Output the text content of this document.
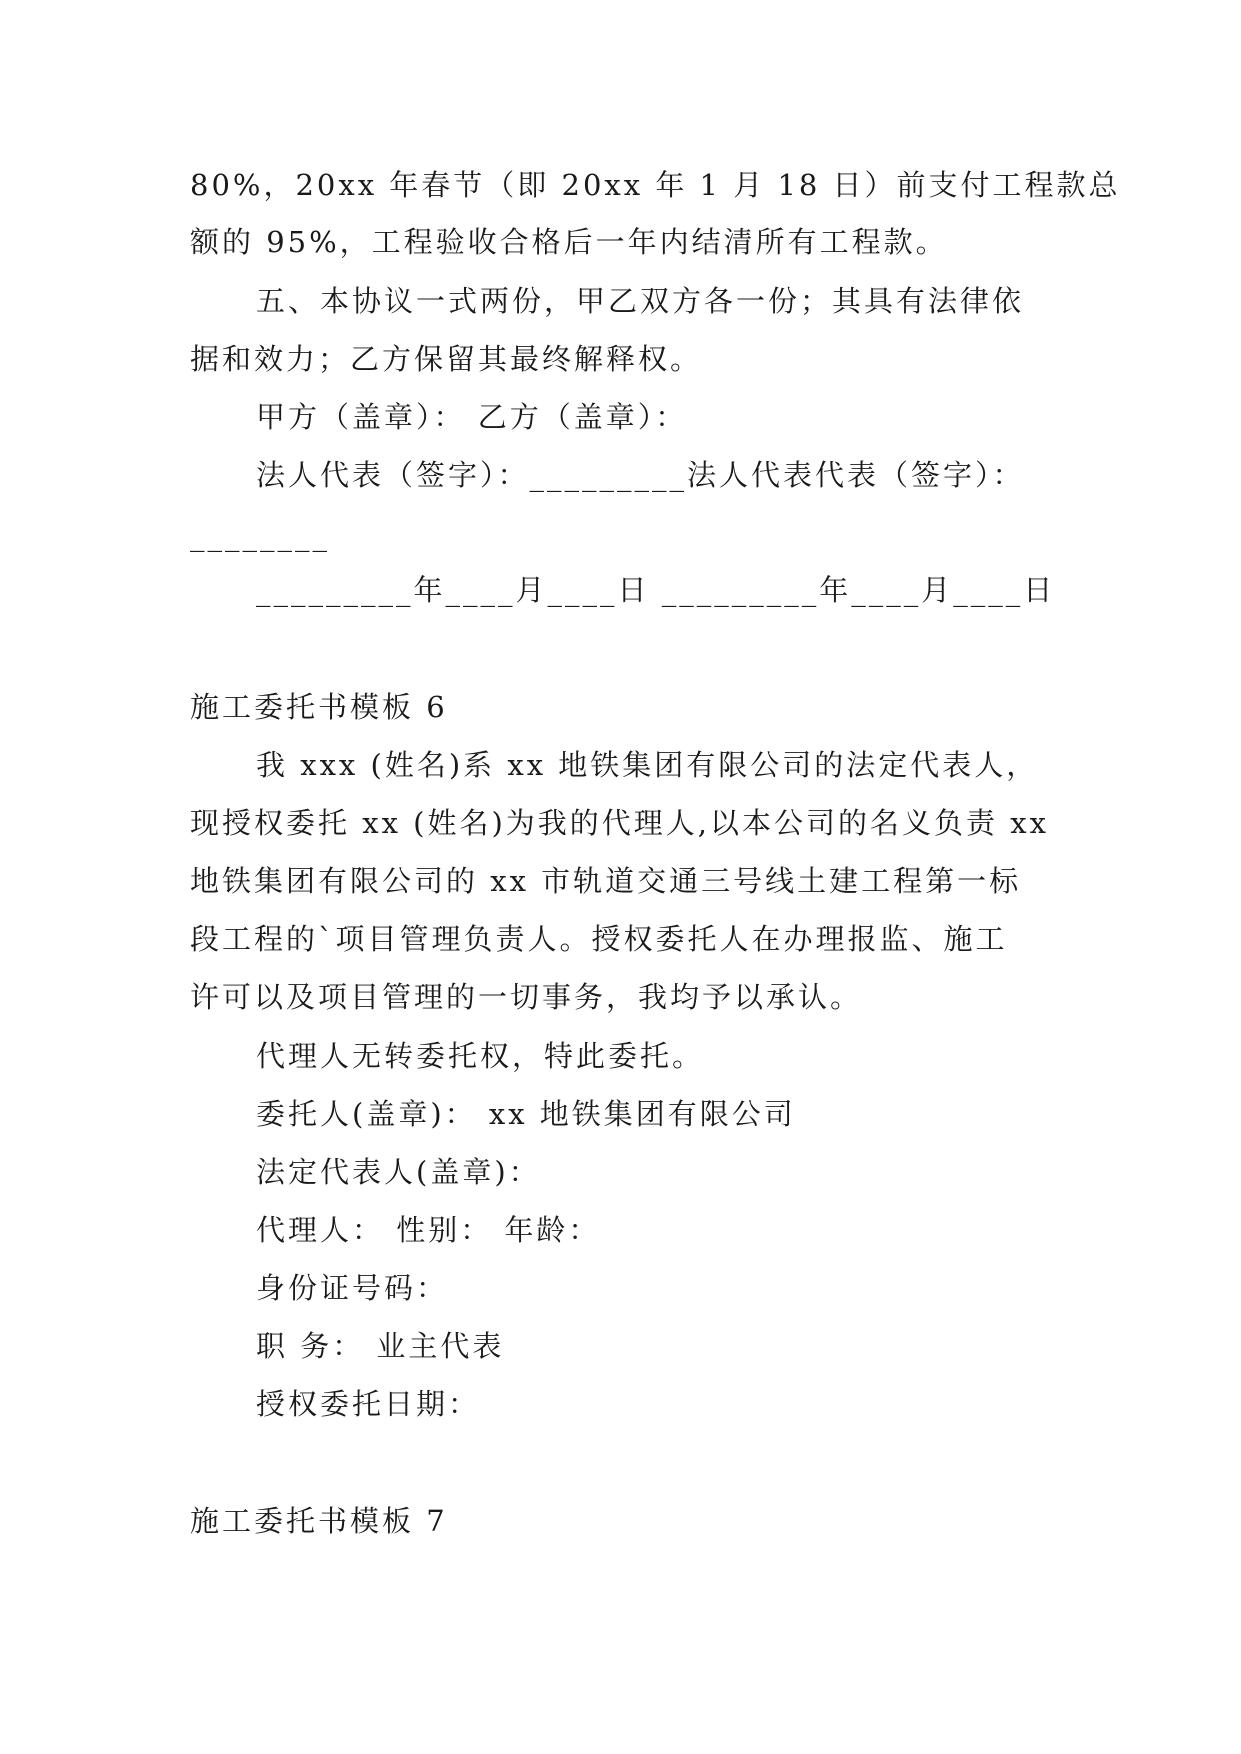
80%，20xx 年春节（即 20xx 年 1 月 18 日）前支付工程款总
额的 95%，工程验收合格后一年内结清所有工程款。
五、本协议一式两份，甲乙双方各一份；其具有法律依
据和效力；乙方保留其最终解释权。
甲方（盖章）： 乙方（盖章）：
法人代表（签字）：_________法人代表代表（签字）：
________
_________年____月____日 _________年____月____日
施工委托书模板 6
我 xxx (姓名)系 xx 地铁集团有限公司的法定代表人，
现授权委托 xx (姓名)为我的代理人,以本公司的名义负责 xx
地铁集团有限公司的 xx 市轨道交通三号线土建工程第一标
段工程的`项目管理负责人。授权委托人在办理报监、施工
许可以及项目管理的一切事务，我均予以承认。
代理人无转委托权，特此委托。
委托人(盖章)： xx 地铁集团有限公司
法定代表人(盖章)：
代理人： 性别： 年龄：
身份证号码：
职 务： 业主代表
授权委托日期：
施工委托书模板 7
